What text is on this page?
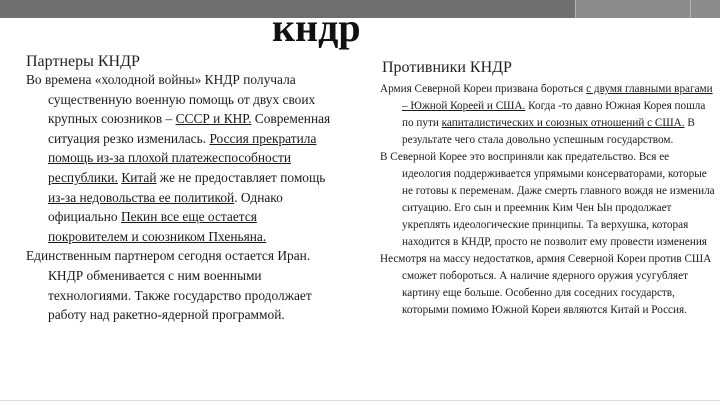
кндр
Партнеры КНДР

Во времена «холодной войны» КНДР получала существенную военную помощь от двух своих крупных союзников – СССР и КНР. Современная ситуация резко изменилась. Россия прекратила помощь из-за плохой платежеспособности республики. Китай же не предоставляет помощь из-за недовольства ее политикой. Однако официально Пекин все еще остается покровителем и союзником Пхеньяна.

Единственным партнером сегодня остается Иран. КНДР обменивается с ним военными технологиями. Также государство продолжает работу над ракетно-ядерной программой.

Противники КНДР

Армия Северной Кореи призвана бороться с двумя главными врагами – Южной Кореей и США. Когда -то давно Южная Корея пошла по пути капиталистических и союзных отношений с США. В результате чего стала довольно успешным государством.

В Северной Корее это восприняли как предательство. Вся ее идеология поддерживается упрямыми консерваторами, которые не готовы к переменам. Даже смерть главного вождя не изменила ситуацию. Его сын и преемник Ким Чен Ын продолжает укреплять идеологические принципы. Та верхушка, которая находится в КНДР, просто не позволит ему провести изменения

Несмотря на массу недостатков, армия Северной Кореи против США сможет побороться. А наличие ядерного оружия усугубляет картину еще больше. Особенно для соседних государств, которыми помимо Южной Кореи являются Китай и Россия.
